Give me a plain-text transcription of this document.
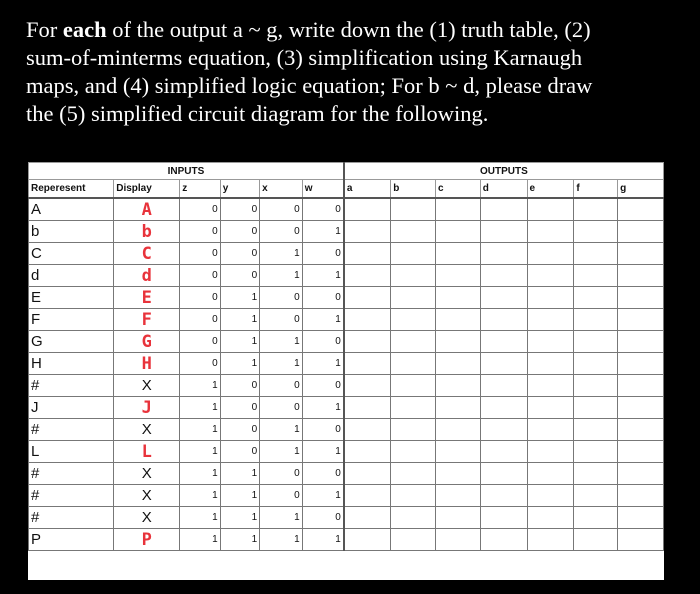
For each of the output a ~ g, write down the (1) truth table, (2)
sum-of-minterms equation, (3) simplification using Karnaugh
maps, and (4) simplified logic equation; For b ~ d, please draw
the (5) simplified circuit diagram for the following.

INPUTS						OUTPUTS						
Reperesent	Display	z	y	x	w	a	b	c	d	e	f	g
A	A	0	0	0	0							
b	b	0	0	0	1							
C	C	0	0	1	0							
d	d	0	0	1	1							
E	E	0	1	0	0							
F	F	0	1	0	1							
G	G	0	1	1	0							
H	H	0	1	1	1							
#	X	1	0	0	0							
J	J	1	0	0	1							
#	X	1	0	1	0							
L	L	1	0	1	1							
#	X	1	1	0	0							
#	X	1	1	0	1							
#	X	1	1	1	0							
P	P	1	1	1	1							
